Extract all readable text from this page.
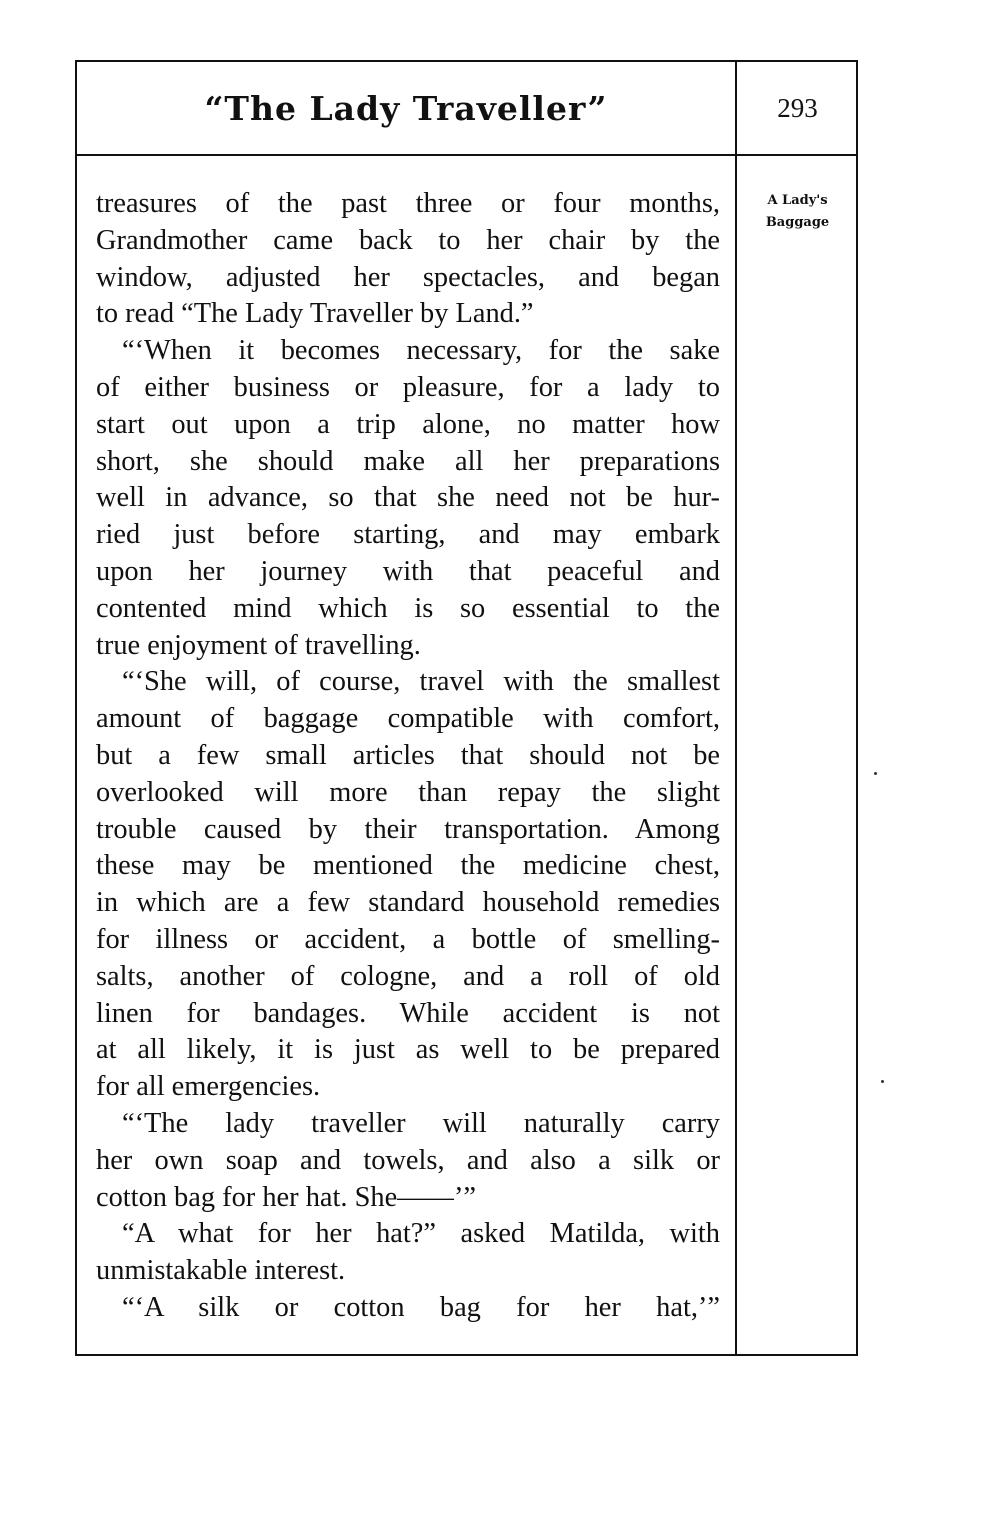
“The Lady Traveller”	293
treasures of the past three or four months,
Grandmother came back to her chair by the
window, adjusted her spectacles, and began
to read “The Lady Traveller by Land.”
“‘When it becomes necessary, for the sake
of either business or pleasure, for a lady to
start out upon a trip alone, no matter how
short, she should make all her preparations
well in advance, so that she need not be hur-
ried just before starting, and may embark
upon her journey with that peaceful and
contented mind which is so essential to the
true enjoyment of travelling.
“‘She will, of course, travel with the smallest
amount of baggage compatible with comfort,
but a few small articles that should not be
overlooked will more than repay the slight
trouble caused by their transportation. Among
these may be mentioned the medicine chest,
in which are a few standard household remedies
for illness or accident, a bottle of smelling-
salts, another of cologne, and a roll of old
linen for bandages. While accident is not
at all likely, it is just as well to be prepared
for all emergencies.
“‘The lady traveller will naturally carry
her own soap and towels, and also a silk or
cotton bag for her hat. She——’”
“A what for her hat?” asked Matilda, with
unmistakable interest.
“‘A silk or cotton bag for her hat,’”
A Lady's
Baggage
